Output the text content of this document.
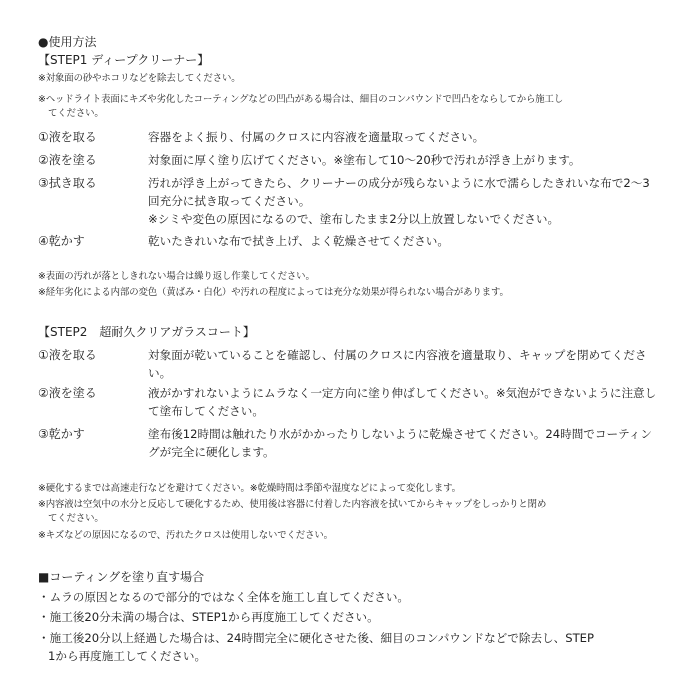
●使用方法
【STEP1 ディープクリーナー】
※対象面の砂やホコリなどを除去してください。
※ヘッドライト表面にキズや劣化したコーティングなどの凹凸がある場合は、細目のコンパウンドで凹凸をならしてから施工し
てください。
①液を取る	容器をよく振り、付属のクロスに内容液を適量取ってください。
②液を塗る	対象面に厚く塗り広げてください。※塗布して10〜20秒で汚れが浮き上がります。
③拭き取る	汚れが浮き上がってきたら、クリーナーの成分が残らないように水で濡らしたきれいな布で2〜3回充分に拭き取ってください。
※シミや変色の原因になるので、塗布したまま2分以上放置しないでください。
④乾かす	乾いたきれいな布で拭き上げ、よく乾燥させてください。
※表面の汚れが落としきれない場合は繰り返し作業してください。
※経年劣化による内部の変色（黄ばみ・白化）や汚れの程度によっては充分な効果が得られない場合があります。
【STEP2　超耐久クリアガラスコート】
①液を取る	対象面が乾いていることを確認し、付属のクロスに内容液を適量取り、キャップを閉めてください。
②液を塗る	液がかすれないようにムラなく一定方向に塗り伸ばしてください。※気泡ができないように注意して塗布してください。
③乾かす	塗布後12時間は触れたり水がかかったりしないように乾燥させてください。24時間でコーティングが完全に硬化します。
※硬化するまでは高速走行などを避けてください。※乾燥時間は季節や湿度などによって変化します。
※内容液は空気中の水分と反応して硬化するため、使用後は容器に付着した内容液を拭いてからキャップをしっかりと閉め
てください。
※キズなどの原因になるので、汚れたクロスは使用しないでください。
■コーティングを塗り直す場合
・ムラの原因となるので部分的ではなく全体を施工し直してください。
・施工後20分未満の場合は、STEP1から再度施工してください。
・施工後20分以上経過した場合は、24時間完全に硬化させた後、細目のコンパウンドなどで除去し、STEP
1から再度施工してください。
